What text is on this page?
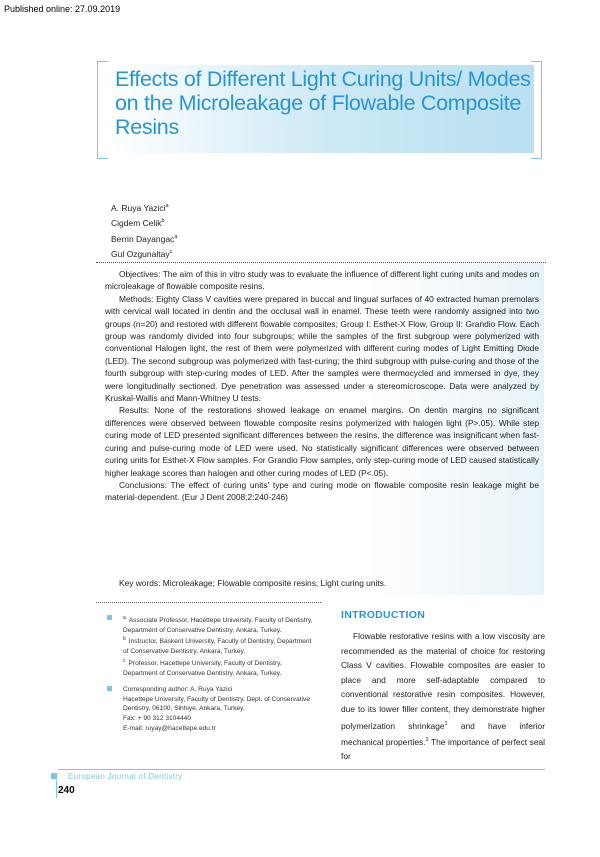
Published online: 27.09.2019
Effects of Different Light Curing Units/ Modes on the Microleakage of Flowable Composite Resins
A. Ruya Yazici$^a$
Cigdem Celik$^b$
Berrin Dayangac$^a$
Gul Ozgunaltay$^c$

Objectives: The aim of this in vitro study was to evaluate the influence of different light curing units and modes on microleakage of flowable composite resins.

Methods: Eighty Class V cavities were prepared in buccal and lingual surfaces of 40 extracted human premolars with cervical wall located in dentin and the occlusal wall in enamel. These teeth were randomly assigned into two groups (n=20) and restored with different flowable composites; Group I: Esthet-X Flow, Group II: Grandio Flow. Each group was randomly divided into four subgroups; while the samples of the first subgroup were polymerized with conventional Halogen light, the rest of them were polymerized with different curing modes of Light Emitting Diode (LED). The second subgroup was polymerized with fast-curing; the third subgroup with pulse-curing and those of the fourth subgroup with step-curing modes of LED. After the samples were thermocycled and immersed in dye, they were longitudinally sectioned. Dye penetration was assessed under a stereomicroscope. Data were analyzed by Kruskal-Wallis and Mann-Whitney U tests.

Results: None of the restorations showed leakage on enamel margins. On dentin margins no significant differences were observed between flowable composite resins polymerized with halogen light (P>.05). While step curing mode of LED presented significant differences between the resins, the difference was insignificant when fast-curing and pulse-curing mode of LED were used. No statistically significant differences were observed between curing units for Esthet-X Flow samples. For Grandio Flow samples, only step-curing mode of LED caused statistically higher leakage scores than halogen and other curing modes of LED (P<.05).

Conclusions: The effect of curing units' type and curing mode on flowable composite resin leakage might be material-dependent. (Eur J Dent 2008;2:240-246)

Key words: Microleakage; Flowable composite resins; Light curing units.
$^a$ Associate Professor, Hacettepe University, Faculty of Dentistry, Department of Conservative Dentistry, Ankara, Turkey.
$^b$ Instructor, Baskent University, Faculty of Dentistry, Department of Conservative Dentistry, Ankara, Turkey.
$^c$ Professor, Hacettepe University, Faculty of Dentistry, Department of Conservative Dentistry, Ankara, Turkey.
Corresponding author: A. Ruya Yazici
Hacettepe University, Faculty of Dentistry, Dept. of Conservative Dentistry, 06100, Sihhiye, Ankara, Turkey.
Fax: + 90 312 3104440
E-mail: ruyay@hacettepe.edu.tr
INTRODUCTION

Flowable restorative resins with a low viscosity are recommended as the material of choice for restoring Class V cavities. Flowable composites are easier to place and more self-adaptable compared to conventional restorative resin composites. However, due to its lower filler content, they demonstrate higher polymerization shrinkage$^1$ and have inferior mechanical properties.$^2$ The importance of perfect seal for

European Journal of Dentistry
240
